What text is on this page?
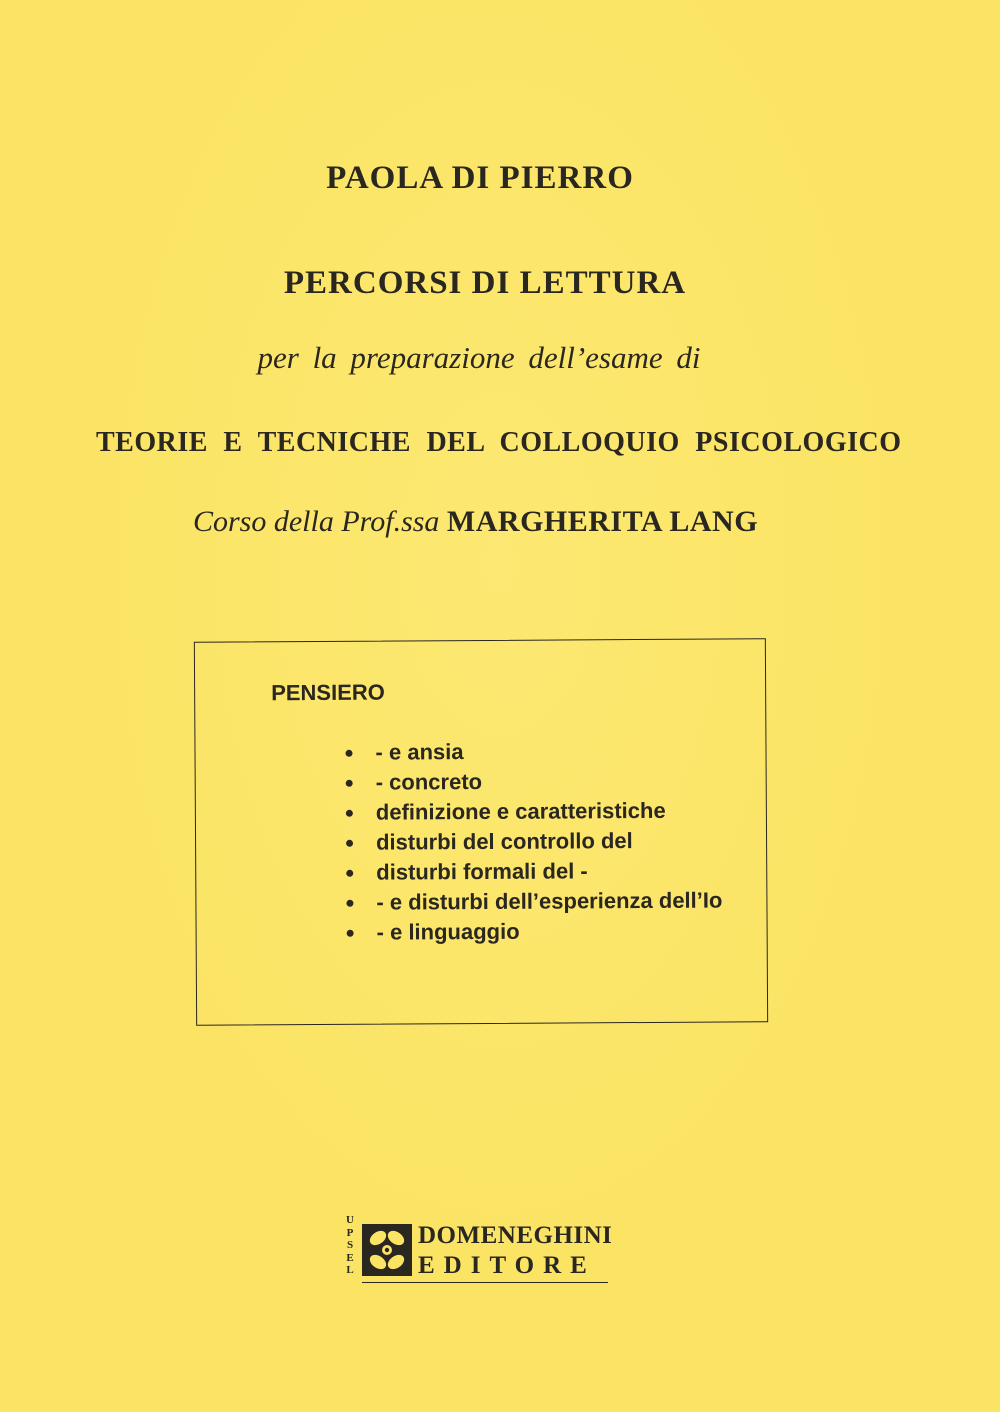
PAOLA DI PIERRO
PERCORSI DI LETTURA
per la preparazione dell’esame di
TEORIE E TECNICHE DEL COLLOQUIO PSICOLOGICO
Corso della Prof.ssa MARGHERITA LANG
PENSIERO
- e ansia
- concreto
definizione e caratteristiche
disturbi del controllo del
disturbi formali del -
- e disturbi dell’esperienza dell’Io
- e linguaggio
U
P
S
E
L
DOMENEGHINI
EDITORE
